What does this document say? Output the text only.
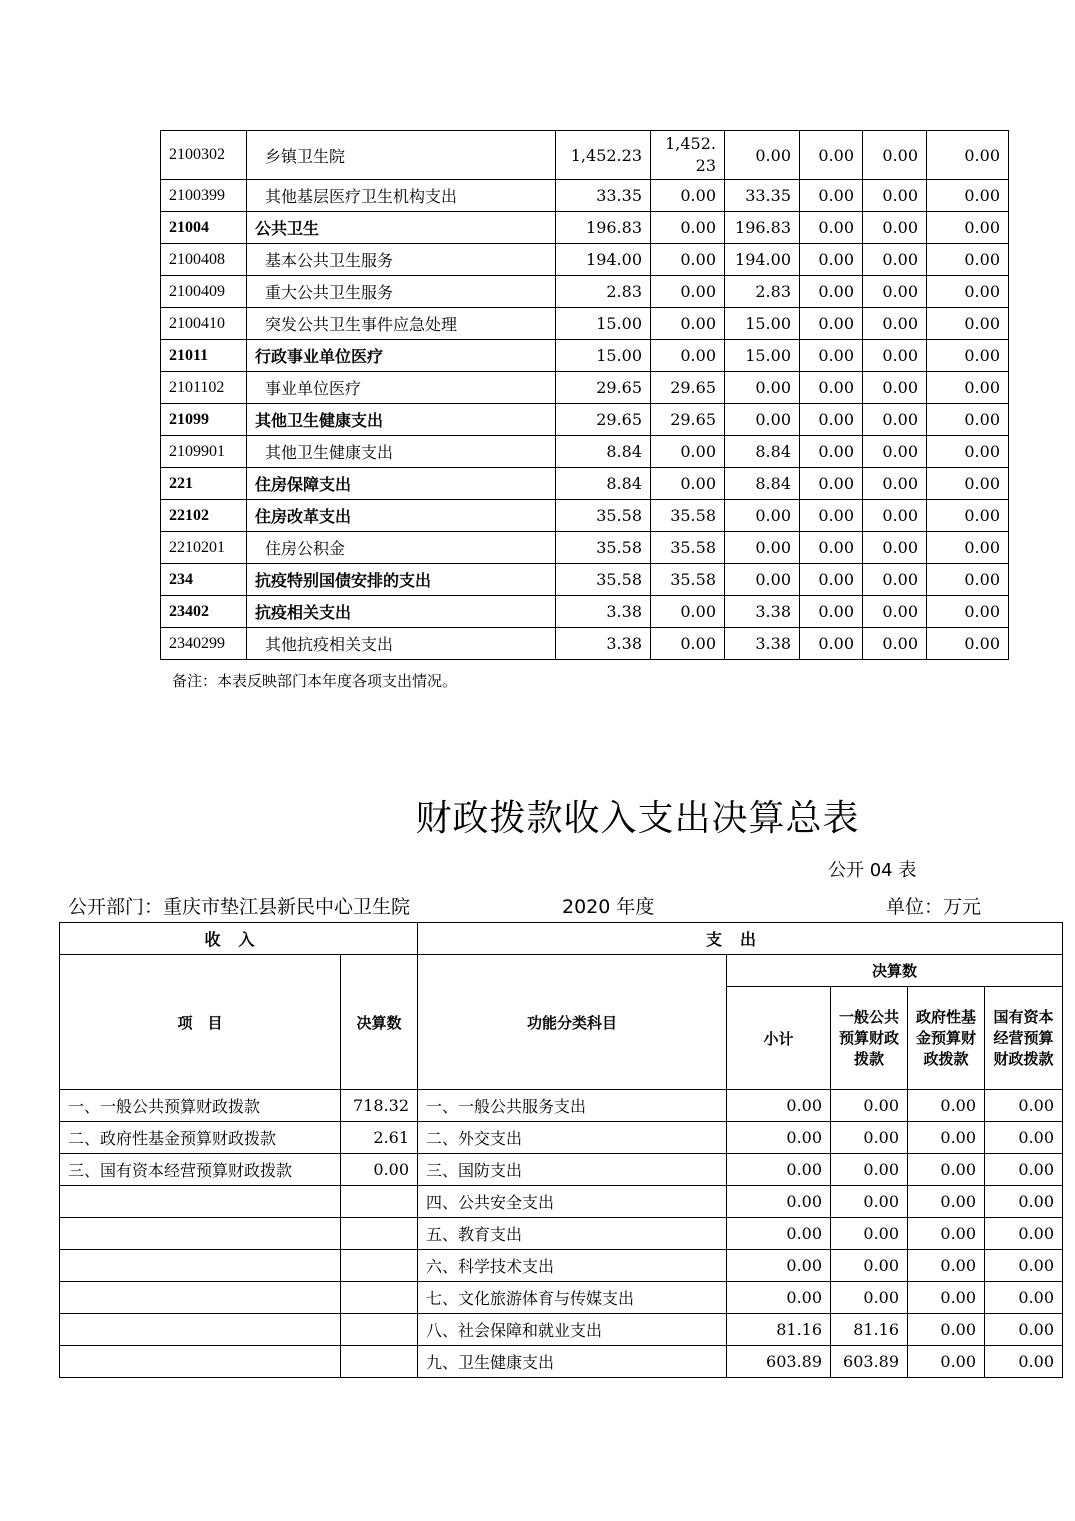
2100302	乡镇卫生院	1,452.23	1,452.23	0.00	0.00	0.00	0.00
2100399	其他基层医疗卫生机构支出	33.35	0.00	33.35	0.00	0.00	0.00
21004	公共卫生	196.83	0.00	196.83	0.00	0.00	0.00
2100408	基本公共卫生服务	194.00	0.00	194.00	0.00	0.00	0.00
2100409	重大公共卫生服务	2.83	0.00	2.83	0.00	0.00	0.00
2100410	突发公共卫生事件应急处理	15.00	0.00	15.00	0.00	0.00	0.00
21011	行政事业单位医疗	15.00	0.00	15.00	0.00	0.00	0.00
2101102	事业单位医疗	29.65	29.65	0.00	0.00	0.00	0.00
21099	其他卫生健康支出	29.65	29.65	0.00	0.00	0.00	0.00
2109901	其他卫生健康支出	8.84	0.00	8.84	0.00	0.00	0.00
221	住房保障支出	8.84	0.00	8.84	0.00	0.00	0.00
22102	住房改革支出	35.58	35.58	0.00	0.00	0.00	0.00
2210201	住房公积金	35.58	35.58	0.00	0.00	0.00	0.00
234	抗疫特别国债安排的支出	35.58	35.58	0.00	0.00	0.00	0.00
23402	抗疫相关支出	3.38	0.00	3.38	0.00	0.00	0.00
2340299	其他抗疫相关支出	3.38	0.00	3.38	0.00	0.00	0.00
备注：本表反映部门本年度各项支出情况。
财政拨款收入支出决算总表
公开 04 表
公开部门：重庆市垫江县新民中心卫生院	2020 年度	单位：万元
收入		支出				
项　目	决算数	功能分类科目	决算数			
			小计	一般公共预算财政拨款	政府性基金预算财政拨款	国有资本经营预算财政拨款
一、一般公共预算财政拨款	718.32	一、一般公共服务支出	0.00	0.00	0.00	0.00
二、政府性基金预算财政拨款	2.61	二、外交支出	0.00	0.00	0.00	0.00
三、国有资本经营预算财政拨款	0.00	三、国防支出	0.00	0.00	0.00	0.00
		四、公共安全支出	0.00	0.00	0.00	0.00
		五、教育支出	0.00	0.00	0.00	0.00
		六、科学技术支出	0.00	0.00	0.00	0.00
		七、文化旅游体育与传媒支出	0.00	0.00	0.00	0.00
		八、社会保障和就业支出	81.16	81.16	0.00	0.00
		九、卫生健康支出	603.89	603.89	0.00	0.00
